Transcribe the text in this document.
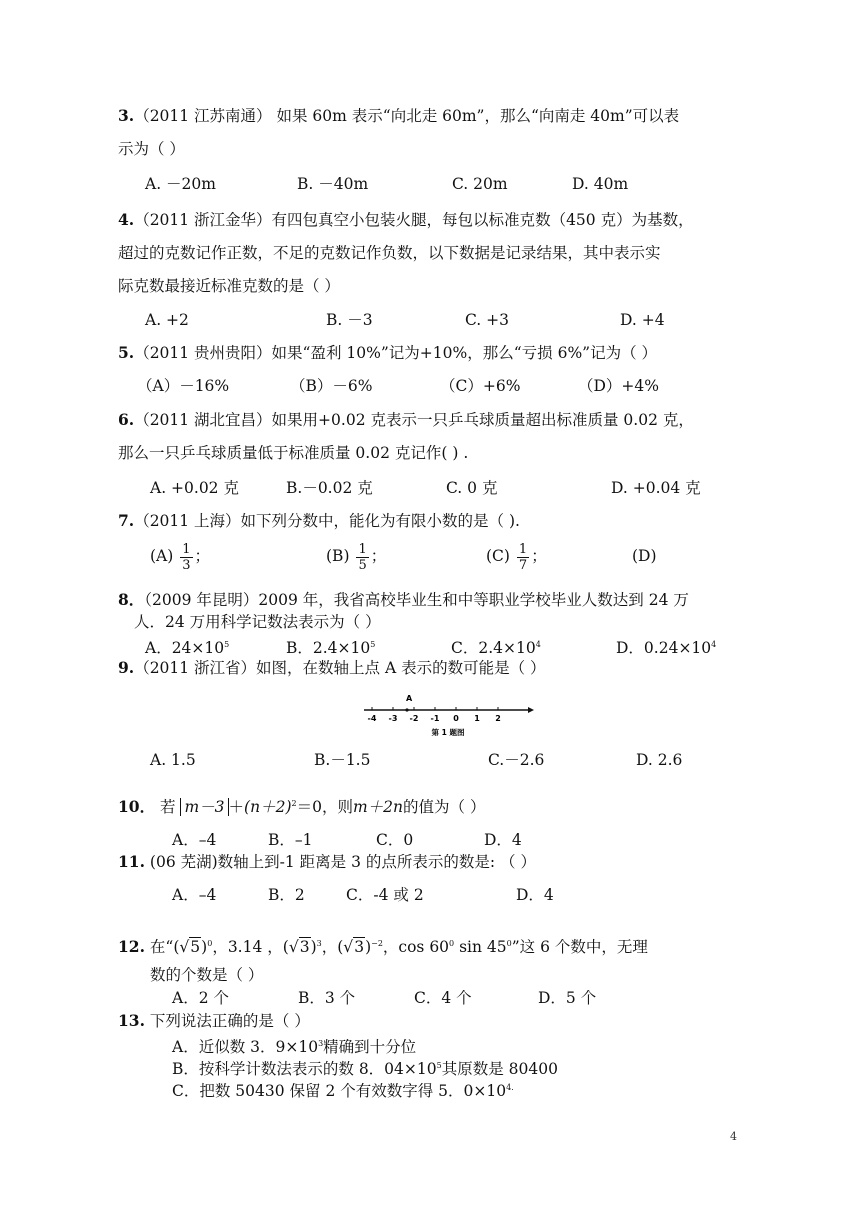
3.（2011 江苏南通） 如果 60m 表示“向北走 60m”，那么“向南走 40m”可以表
示为（ ）
A. －20m	B. －40m	C. 20m	D. 40m
4.（2011 浙江金华）有四包真空小包装火腿，每包以标准克数（450 克）为基数，
超过的克数记作正数，不足的克数记作负数，以下数据是记录结果，其中表示实
际克数最接近标准克数的是（ ）
A. +2	B. －3	C. +3	D. +4
5.（2011 贵州贵阳）如果“盈利 10%”记为+10%，那么“亏损 6%”记为（ ）
（A）－16%	（B）－6%	（C）+6%	（D）+4%
6.（2011 湖北宜昌）如果用+0.02 克表示一只乒乓球质量超出标准质量 0.02 克，
那么一只乒乓球质量低于标准质量 0.02 克记作( ) .
A. +0.02 克	B.－0.02 克	C. 0 克	D. +0.04 克
7.（2011 上海）如下列分数中，能化为有限小数的是（ ).
$(A) \frac{1}{3}$ ；	$(B) \frac{1}{5}$ ；	$(C) \frac{1}{7}$ ；	(D)
8．（2009 年昆明）2009 年，我省高校毕业生和中等职业学校毕业人数达到 24 万
人．24 万用科学记数法表示为（ ）
A．$24\times 10^5$	B．$2.4\times 10^5$	C．$2.4\times 10^4$	D．$0.24\times 10^4$
9.（2011 浙江省）如图，在数轴上点 A 表示的数可能是（ ）
-4 -3 -2 -1 0 1 2
A
第 1 题图
A. 1.5	B.－1.5	C.－2.6	D. 2.6
10． 若 $m-3 +(n+2)^2=0$，则m＋2n的值为（ ）
A．–4	B．–1	C．0	D．4
11. (06 芜湖)数轴上到-1 距离是 3 的点所表示的数是: （ ）
A．–4	B．2	C．-4 或 2	D．4
12. 在“$(√5)^0$，3.14 ，$(√3)^3$，$(√3)^{-2}$，$\cos 60^0$ $\sin 45^0$”这 6 个数中，无理
数的个数是（ ）
A．2 个	B．3 个	C．4 个	D．5 个
13. 下列说法正确的是（ ）
A．近似数 3．$9\times 10^3$精确到十分位
B．按科学计数法表示的数 8．$04\times 10^5$其原数是 80400
C．把数 50430 保留 2 个有效数字得 5．$0\times 10^{4.}$
4
